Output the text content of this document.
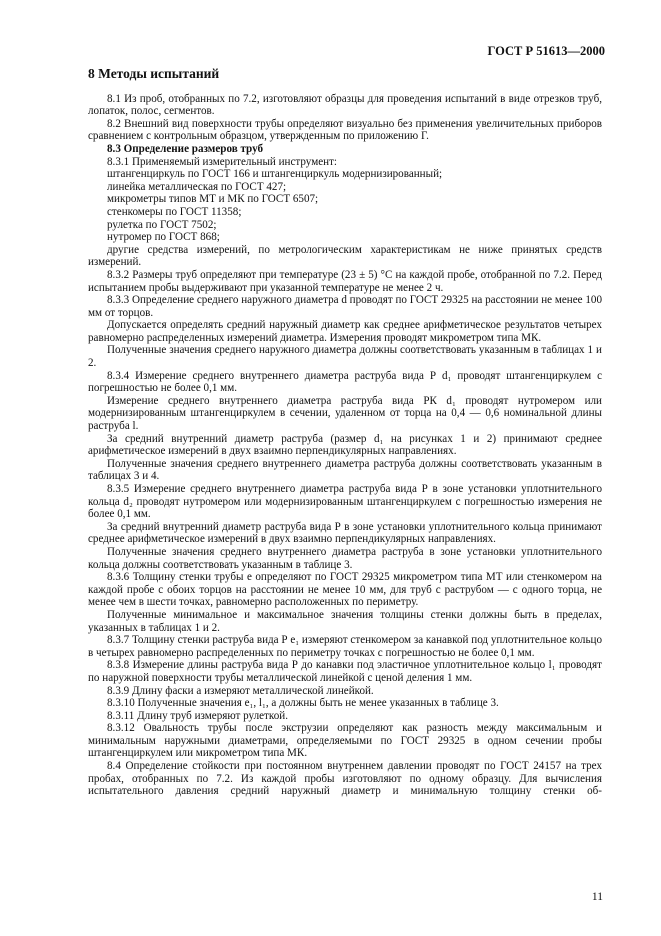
ГОСТ Р 51613—2000
8 Методы испытаний

8.1 Из проб, отобранных по 7.2, изготовляют образцы для проведения испытаний в виде отрезков труб, лопаток, полос, сегментов.

8.2 Внешний вид поверхности трубы определяют визуально без применения увеличительных приборов сравнением с контрольным образцом, утвержденным по приложению Г.

8.3 Определение размеров труб

8.3.1 Применяемый измерительный инструмент:

штангенциркуль по ГОСТ 166 и штангенциркуль модернизированный;

линейка металлическая по ГОСТ 427;

микрометры типов МТ и МК по ГОСТ 6507;

стенкомеры по ГОСТ 11358;

рулетка по ГОСТ 7502;

нутромер по ГОСТ 868;

другие средства измерений, по метрологическим характеристикам не ниже принятых средств измерений.

8.3.2 Размеры труб определяют при температуре (23 ± 5) °С на каждой пробе, отобранной по 7.2. Перед испытанием пробы выдерживают при указанной температуре не менее 2 ч.

8.3.3 Определение среднего наружного диаметра d проводят по ГОСТ 29325 на расстоянии не менее 100 мм от торцов.

Допускается определять средний наружный диаметр как среднее арифметическое результатов четырех равномерно распределенных измерений диаметра. Измерения проводят микрометром типа МК.

Полученные значения среднего наружного диаметра должны соответствовать указанным в таблицах 1 и 2.

8.3.4 Измерение среднего внутреннего диаметра раструба вида Р d₁ проводят штангенциркулем с погрешностью не более 0,1 мм.

Измерение среднего внутреннего диаметра раструба вида РК d₁ проводят нутромером или модернизированным штангенциркулем в сечении, удаленном от торца на 0,4 — 0,6 номинальной длины раструба l.

За средний внутренний диаметр раструба (размер d₁ на рисунках 1 и 2) принимают среднее арифметическое измерений в двух взаимно перпендикулярных направлениях.

Полученные значения среднего внутреннего диаметра раструба должны соответствовать указанным в таблицах 3 и 4.

8.3.5 Измерение среднего внутреннего диаметра раструба вида Р в зоне установки уплотнительного кольца d₂ проводят нутромером или модернизированным штангенциркулем с погрешностью измерения не более 0,1 мм.

За средний внутренний диаметр раструба вида Р в зоне установки уплотнительного кольца принимают среднее арифметическое измерений в двух взаимно перпендикулярных направлениях.

Полученные значения среднего внутреннего диаметра раструба в зоне установки уплотнительного кольца должны соответствовать указанным в таблице 3.

8.3.6 Толщину стенки трубы e определяют по ГОСТ 29325 микрометром типа МТ или стенкомером на каждой пробе с обоих торцов на расстоянии не менее 10 мм, для труб с раструбом — с одного торца, не менее чем в шести точках, равномерно расположенных по периметру.

Полученные минимальное и максимальное значения толщины стенки должны быть в пределах, указанных в таблицах 1 и 2.

8.3.7 Толщину стенки раструба вида Р e₁ измеряют стенкомером за канавкой под уплотнительное кольцо в четырех равномерно распределенных по периметру точках с погрешностью не более 0,1 мм.

8.3.8 Измерение длины раструба вида Р до канавки под эластичное уплотнительное кольцо l₁ проводят по наружной поверхности трубы металлической линейкой с ценой деления 1 мм.

8.3.9 Длину фаски a измеряют металлической линейкой.

8.3.10 Полученные значения e₁, l₁, a должны быть не менее указанных в таблице 3.

8.3.11 Длину труб измеряют рулеткой.

8.3.12 Овальность трубы после экструзии определяют как разность между максимальным и минимальным наружными диаметрами, определяемыми по ГОСТ 29325 в одном сечении пробы штангенциркулем или микрометром типа МК.

8.4 Определение стойкости при постоянном внутреннем давлении проводят по ГОСТ 24157 на трех пробах, отобранных по 7.2. Из каждой пробы изготовляют по одному образцу. Для вычисления испытательного давления средний наружный диаметр и минимальную толщину стенки об-

11
